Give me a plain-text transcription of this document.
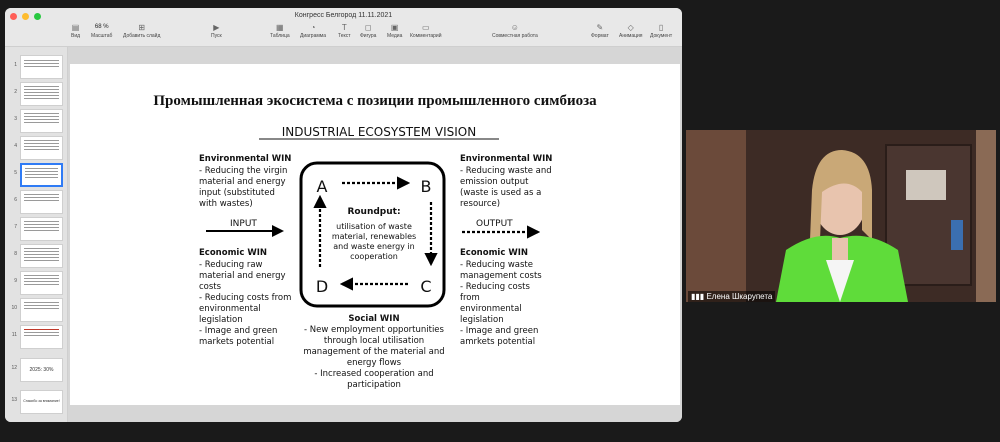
Конгресс Белгород 11.11.2021
▤
Вид
68 %
Масштаб
⊞
Добавить слайд
▶
Пуск
▦
Таблица
◔
Диаграмма
T
Текст
◻
Фигура
▣
Медиа
▭
Комментарий
☺
Совместная работа
✎
Формат
◇
Анимация
▯
Документ
1
2
3
4
5
6
7
8
9
10
11
12	2025: 30%
13	Спасибо за внимание!
Промышленная экосистема с позиции промышленного симбиоза
INDUSTRIAL ECOSYSTEM VISION
Environmental WIN
- Reducing the virgin
material and energy
input (substituted
with wastes)
INPUT
Economic WIN
- Reducing raw
material and energy
costs
- Reducing costs from
environmental
legislation
- Image and green
markets potential
A	B
C
D
Roundput:
utilisation of waste
material, renewables
and waste energy in
cooperation
Environmental WIN
- Reducing waste and
emission output
(waste is used as a
resource)
OUTPUT
Economic WIN
- Reducing waste
management costs
- Reducing costs
from
environmental
legislation
- Image and green
amrkets potential
Social WIN
- New employment opportunities
through local utilisation
management of the material and
energy flows
- Increased cooperation and
participation
▮▮▮ Елена Шкарупета
